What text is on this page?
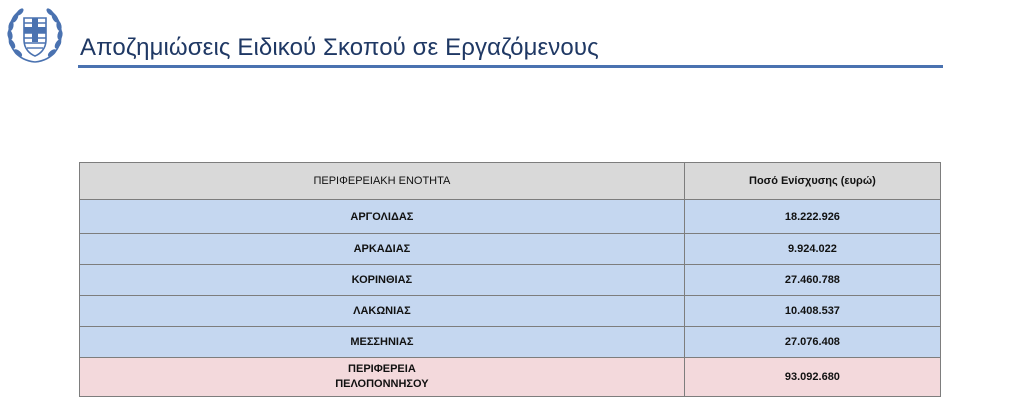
Αποζημιώσεις Ειδικού Σκοπού σε Εργαζόμενους
ΠΕΡΙΦΕΡΕΙΑΚΗ ΕΝΟΤΗΤΑ	Ποσό Ενίσχυσης (ευρώ)
ΑΡΓΟΛΙΔΑΣ	18.222.926
ΑΡΚΑΔΙΑΣ	9.924.022
ΚΟΡΙΝΘΙΑΣ	27.460.788
ΛΑΚΩΝΙΑΣ	10.408.537
ΜΕΣΣΗΝΙΑΣ	27.076.408
ΠΕΡΙΦΕΡΕΙΑ
ΠΕΛΟΠΟΝΝΗΣΟΥ	93.092.680
